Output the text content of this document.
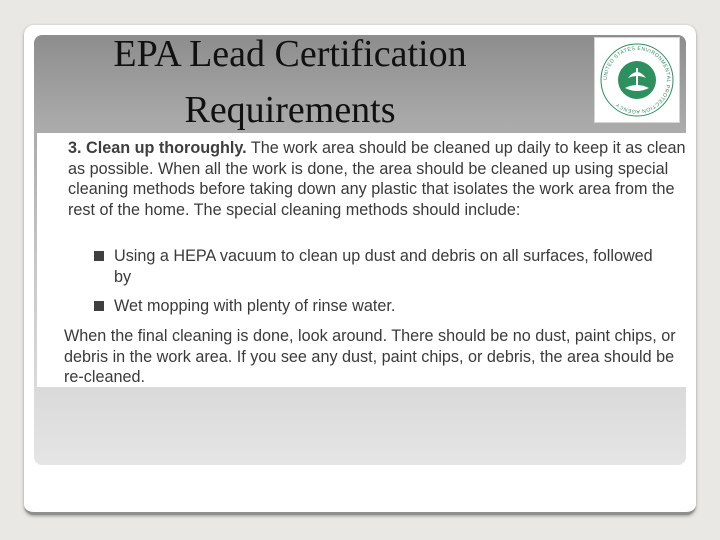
EPA Lead Certification
Requirements
UNITED STATES ENVIRONMENTAL PROTECTION AGENCY

3. Clean up thoroughly. The work area should be cleaned up daily to keep it as clean as possible. When all the work is done, the area should be cleaned up using special cleaning methods before taking down any plastic that isolates the work area from the rest of the home. The special cleaning methods should include:

Using a HEPA vacuum to clean up dust and debris on all surfaces, followed by

Wet mopping with plenty of rinse water.

When the final cleaning is done, look around. There should be no dust, paint chips, or debris in the work area. If you see any dust, paint chips, or debris, the area should be re-cleaned.
